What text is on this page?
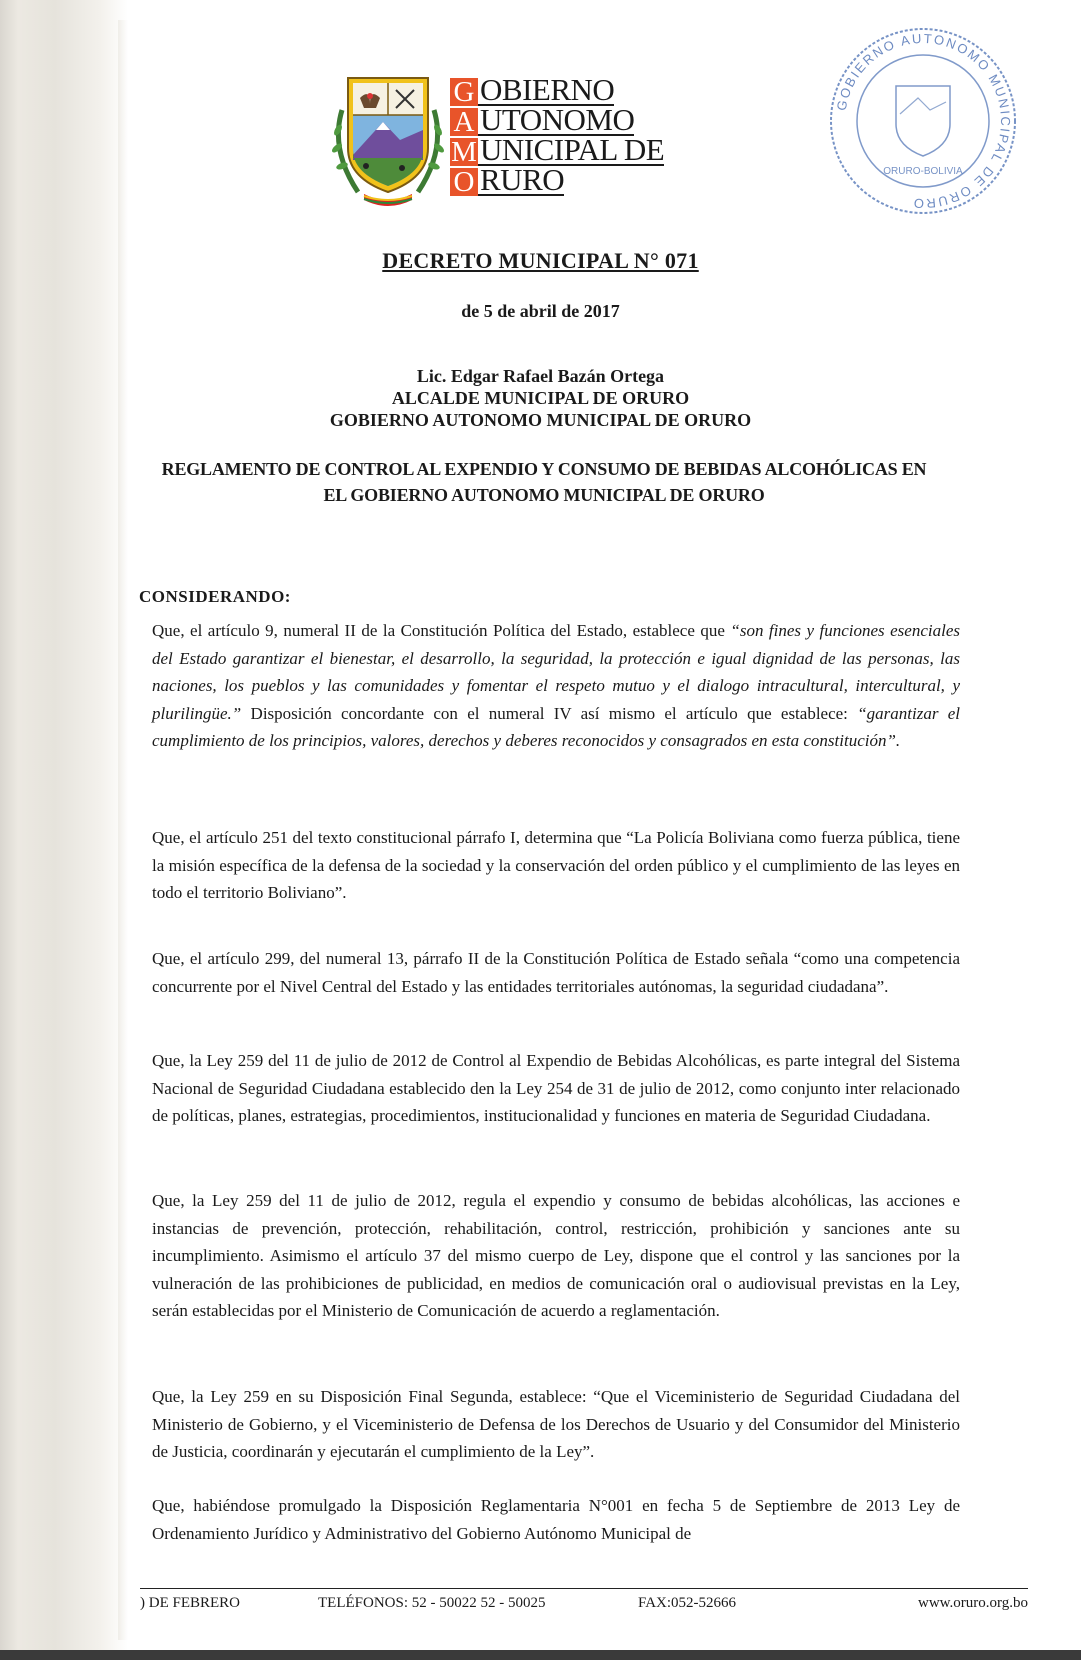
G OBIERNO
A UTONOMO
M UNICIPAL DE
O RURO
GOBIERNO AUTONOMO MUNICIPAL DE ORURO
ORURO-BOLIVIA
DECRETO MUNICIPAL N° 071
de 5 de abril de 2017
Lic. Edgar Rafael Bazán Ortega
ALCALDE MUNICIPAL DE ORURO
GOBIERNO AUTONOMO MUNICIPAL DE ORURO
REGLAMENTO DE CONTROL AL EXPENDIO Y CONSUMO DE BEBIDAS ALCOHÓLICAS EN
EL GOBIERNO AUTONOMO MUNICIPAL DE ORURO
CONSIDERANDO:
Que, el artículo 9, numeral II de la Constitución Política del Estado, establece que “son fines y funciones esenciales del Estado garantizar el bienestar, el desarrollo, la seguridad, la protección e igual dignidad de las personas, las naciones, los pueblos y las comunidades y fomentar el respeto mutuo y el dialogo intracultural, intercultural, y plurilingüe.” Disposición concordante con el numeral IV así mismo el artículo que establece: “garantizar el cumplimiento de los principios, valores, derechos y deberes reconocidos y consagrados en esta constitución”.
Que, el artículo 251 del texto constitucional párrafo I, determina que “La Policía Boliviana como fuerza pública, tiene la misión específica de la defensa de la sociedad y la conservación del orden público y el cumplimiento de las leyes en todo el territorio Boliviano”.
Que, el artículo 299, del numeral 13, párrafo II de la Constitución Política de Estado señala “como una competencia concurrente por el Nivel Central del Estado y las entidades territoriales autónomas, la seguridad ciudadana”.
Que, la Ley 259 del 11 de julio de 2012 de Control al Expendio de Bebidas Alcohólicas, es parte integral del Sistema Nacional de Seguridad Ciudadana establecido den la Ley 254 de 31 de julio de 2012, como conjunto inter relacionado de políticas, planes, estrategias, procedimientos, institucionalidad y funciones en materia de Seguridad Ciudadana.
Que, la Ley 259 del 11 de julio de 2012, regula el expendio y consumo de bebidas alcohólicas, las acciones e instancias de prevención, protección, rehabilitación, control, restricción, prohibición y sanciones ante su incumplimiento. Asimismo el artículo 37 del mismo cuerpo de Ley, dispone que el control y las sanciones por la vulneración de las prohibiciones de publicidad, en medios de comunicación oral o audiovisual previstas en la Ley, serán establecidas por el Ministerio de Comunicación de acuerdo a reglamentación.
Que, la Ley 259 en su Disposición Final Segunda, establece: “Que el Viceministerio de Seguridad Ciudadana del Ministerio de Gobierno, y el Viceministerio de Defensa de los Derechos de Usuario y del Consumidor del Ministerio de Justicia, coordinarán y ejecutarán el cumplimiento de la Ley”.
Que, habiéndose promulgado la Disposición Reglamentaria N°001 en fecha 5 de Septiembre de 2013 Ley de Ordenamiento Jurídico y Administrativo del Gobierno Autónomo Municipal de
) DE FEBRERO	TELÉFONOS: 52 - 50022 52 - 50025	FAX:052-52666	www.oruro.org.bo
